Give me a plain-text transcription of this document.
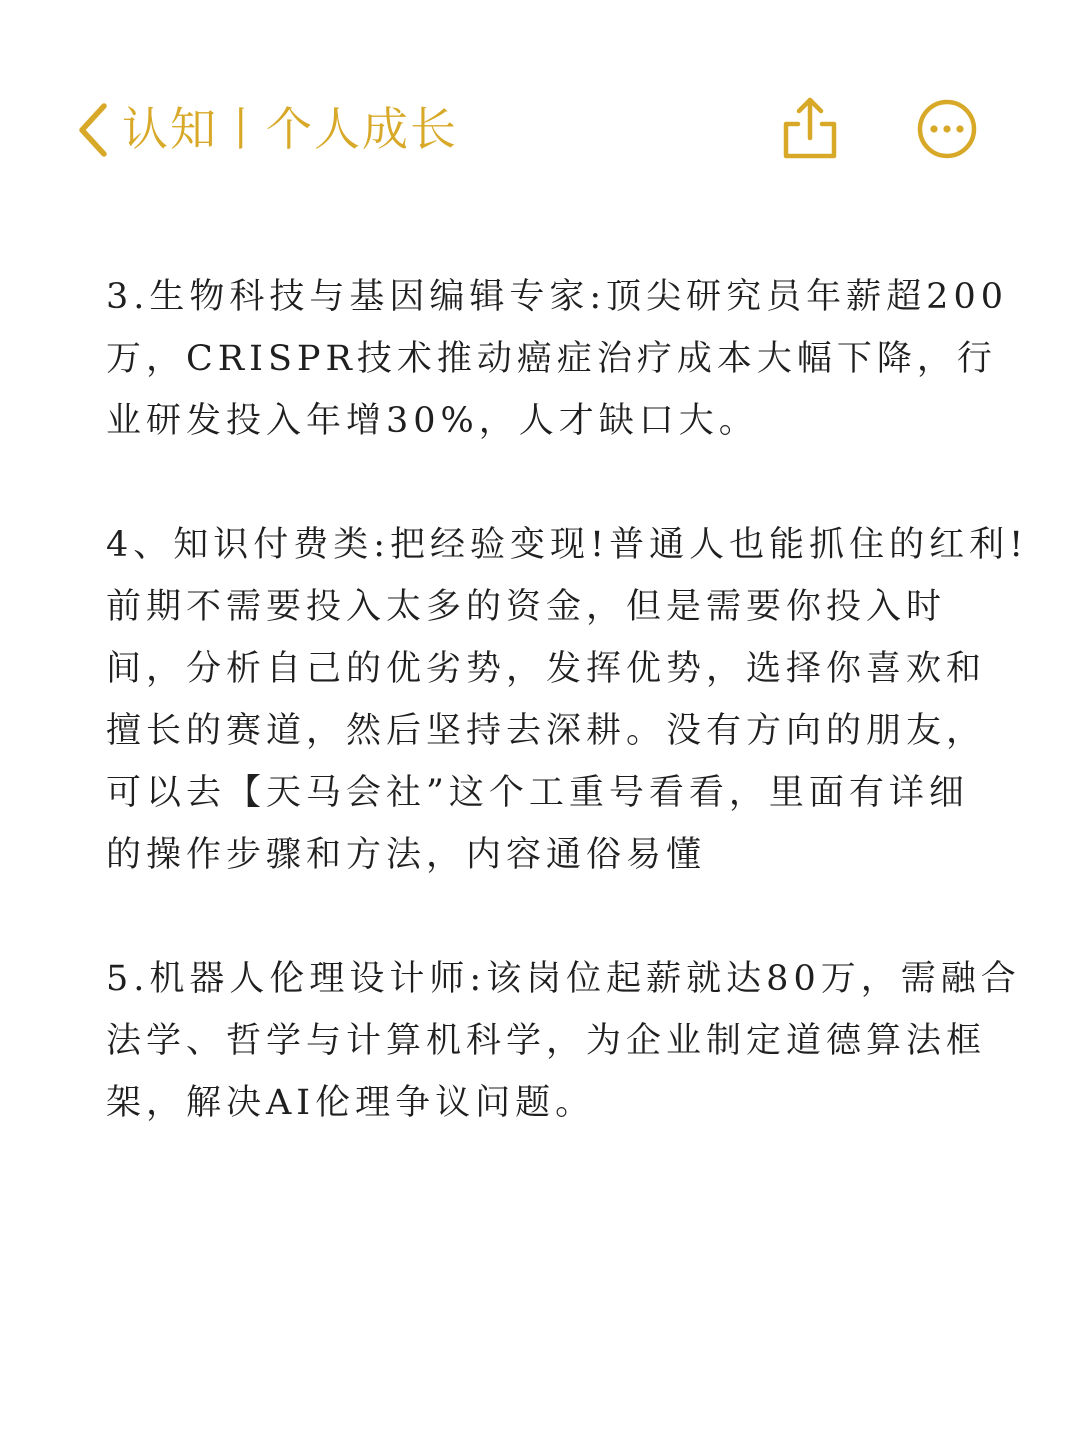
认知丨个人成长
3.生物科技与基因编辑专家:顶尖研究员年薪超200
万，CRISPR技术推动癌症治疗成本大幅下降，行
业研发投入年增30%，人才缺口大。
4、知识付费类:把经验变现!普通人也能抓住的红利!
前期不需要投入太多的资金，但是需要你投入时
间，分析自己的优劣势，发挥优势，选择你喜欢和
擅长的赛道，然后坚持去深耕。没有方向的朋友，
可以去【天马会社”这个工重号看看，里面有详细
的操作步骤和方法，内容通俗易懂
5.机器人伦理设计师:该岗位起薪就达80万，需融合
法学、哲学与计算机科学，为企业制定道德算法框
架，解决AI伦理争议问题。
